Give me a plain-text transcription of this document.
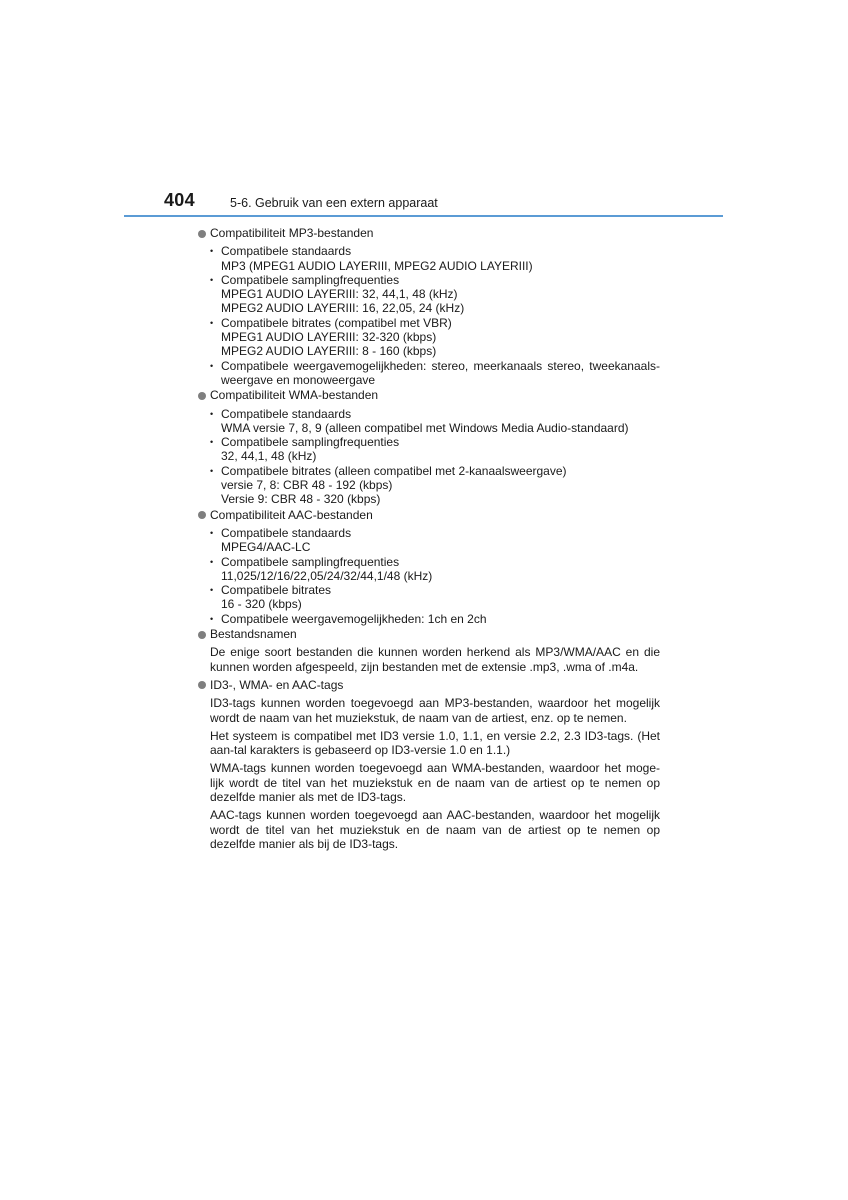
404	5-6. Gebruik van een extern apparaat
Compatibiliteit MP3-bestanden
• Compatibele standaards
MP3 (MPEG1 AUDIO LAYERIII, MPEG2 AUDIO LAYERIII)
• Compatibele samplingfrequenties
MPEG1 AUDIO LAYERIII: 32, 44,1, 48 (kHz)
MPEG2 AUDIO LAYERIII: 16, 22,05, 24 (kHz)
• Compatibele bitrates (compatibel met VBR)
MPEG1 AUDIO LAYERIII: 32-320 (kbps)
MPEG2 AUDIO LAYERIII: 8 - 160 (kbps)
• Compatibele weergavemogelijkheden: stereo, meerkanaals stereo, tweekanaals-weergave en monoweergave
Compatibiliteit WMA-bestanden
• Compatibele standaards
WMA versie 7, 8, 9 (alleen compatibel met Windows Media Audio-standaard)
• Compatibele samplingfrequenties
32, 44,1, 48 (kHz)
• Compatibele bitrates (alleen compatibel met 2-kanaalsweergave)
versie 7, 8: CBR 48 - 192 (kbps)
Versie 9: CBR 48 - 320 (kbps)
Compatibiliteit AAC-bestanden
• Compatibele standaards
MPEG4/AAC-LC
• Compatibele samplingfrequenties
11,025/12/16/22,05/24/32/44,1/48 (kHz)
• Compatibele bitrates
16 - 320 (kbps)
• Compatibele weergavemogelijkheden: 1ch en 2ch
Bestandsnamen

De enige soort bestanden die kunnen worden herkend als MP3/WMA/AAC en die kunnen worden afgespeeld, zijn bestanden met de extensie .mp3, .wma of .m4a.

ID3-, WMA- en AAC-tags

ID3-tags kunnen worden toegevoegd aan MP3-bestanden, waardoor het mogelijk wordt de naam van het muziekstuk, de naam van de artiest, enz. op te nemen.

Het systeem is compatibel met ID3 versie 1.0, 1.1, en versie 2.2, 2.3 ID3-tags. (Het aan-tal karakters is gebaseerd op ID3-versie 1.0 en 1.1.)

WMA-tags kunnen worden toegevoegd aan WMA-bestanden, waardoor het moge-lijk wordt de titel van het muziekstuk en de naam van de artiest op te nemen op dezelfde manier als met de ID3-tags.

AAC-tags kunnen worden toegevoegd aan AAC-bestanden, waardoor het mogelijk wordt de titel van het muziekstuk en de naam van de artiest op te nemen op dezelfde manier als bij de ID3-tags.
